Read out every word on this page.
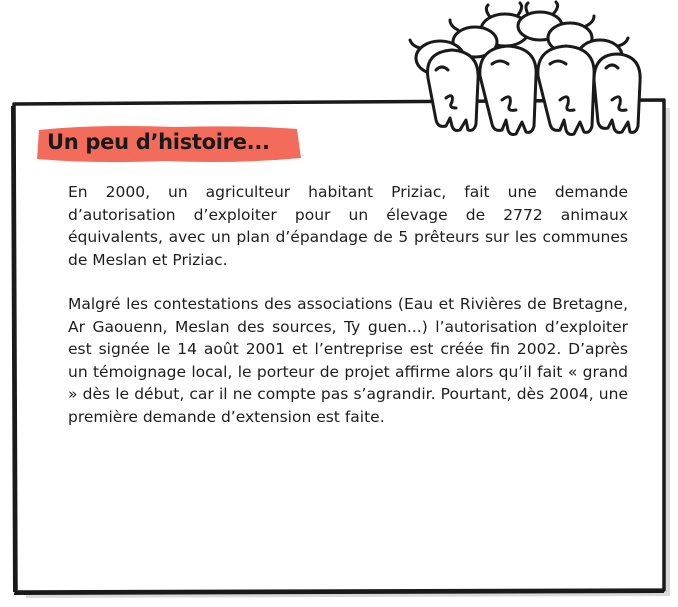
Un peu d’histoire...

En 2000, un agriculteur habitant Priziac, fait une demande d’autorisation d’exploiter pour un élevage de 2772 animaux équivalents, avec un plan d’épandage de 5 prêteurs sur les communes de Meslan et Priziac.

Malgré les contestations des associations (Eau et Rivières de Bretagne, Ar Gaouenn, Meslan des sources, Ty guen...) l’autorisation d’exploiter est signée le 14 août 2001 et l’entreprise est créée fin 2002. D’après un témoignage local, le porteur de projet affirme alors qu’il fait « grand » dès le début, car il ne compte pas s’agrandir. Pourtant, dès 2004, une première demande d’extension est faite.
